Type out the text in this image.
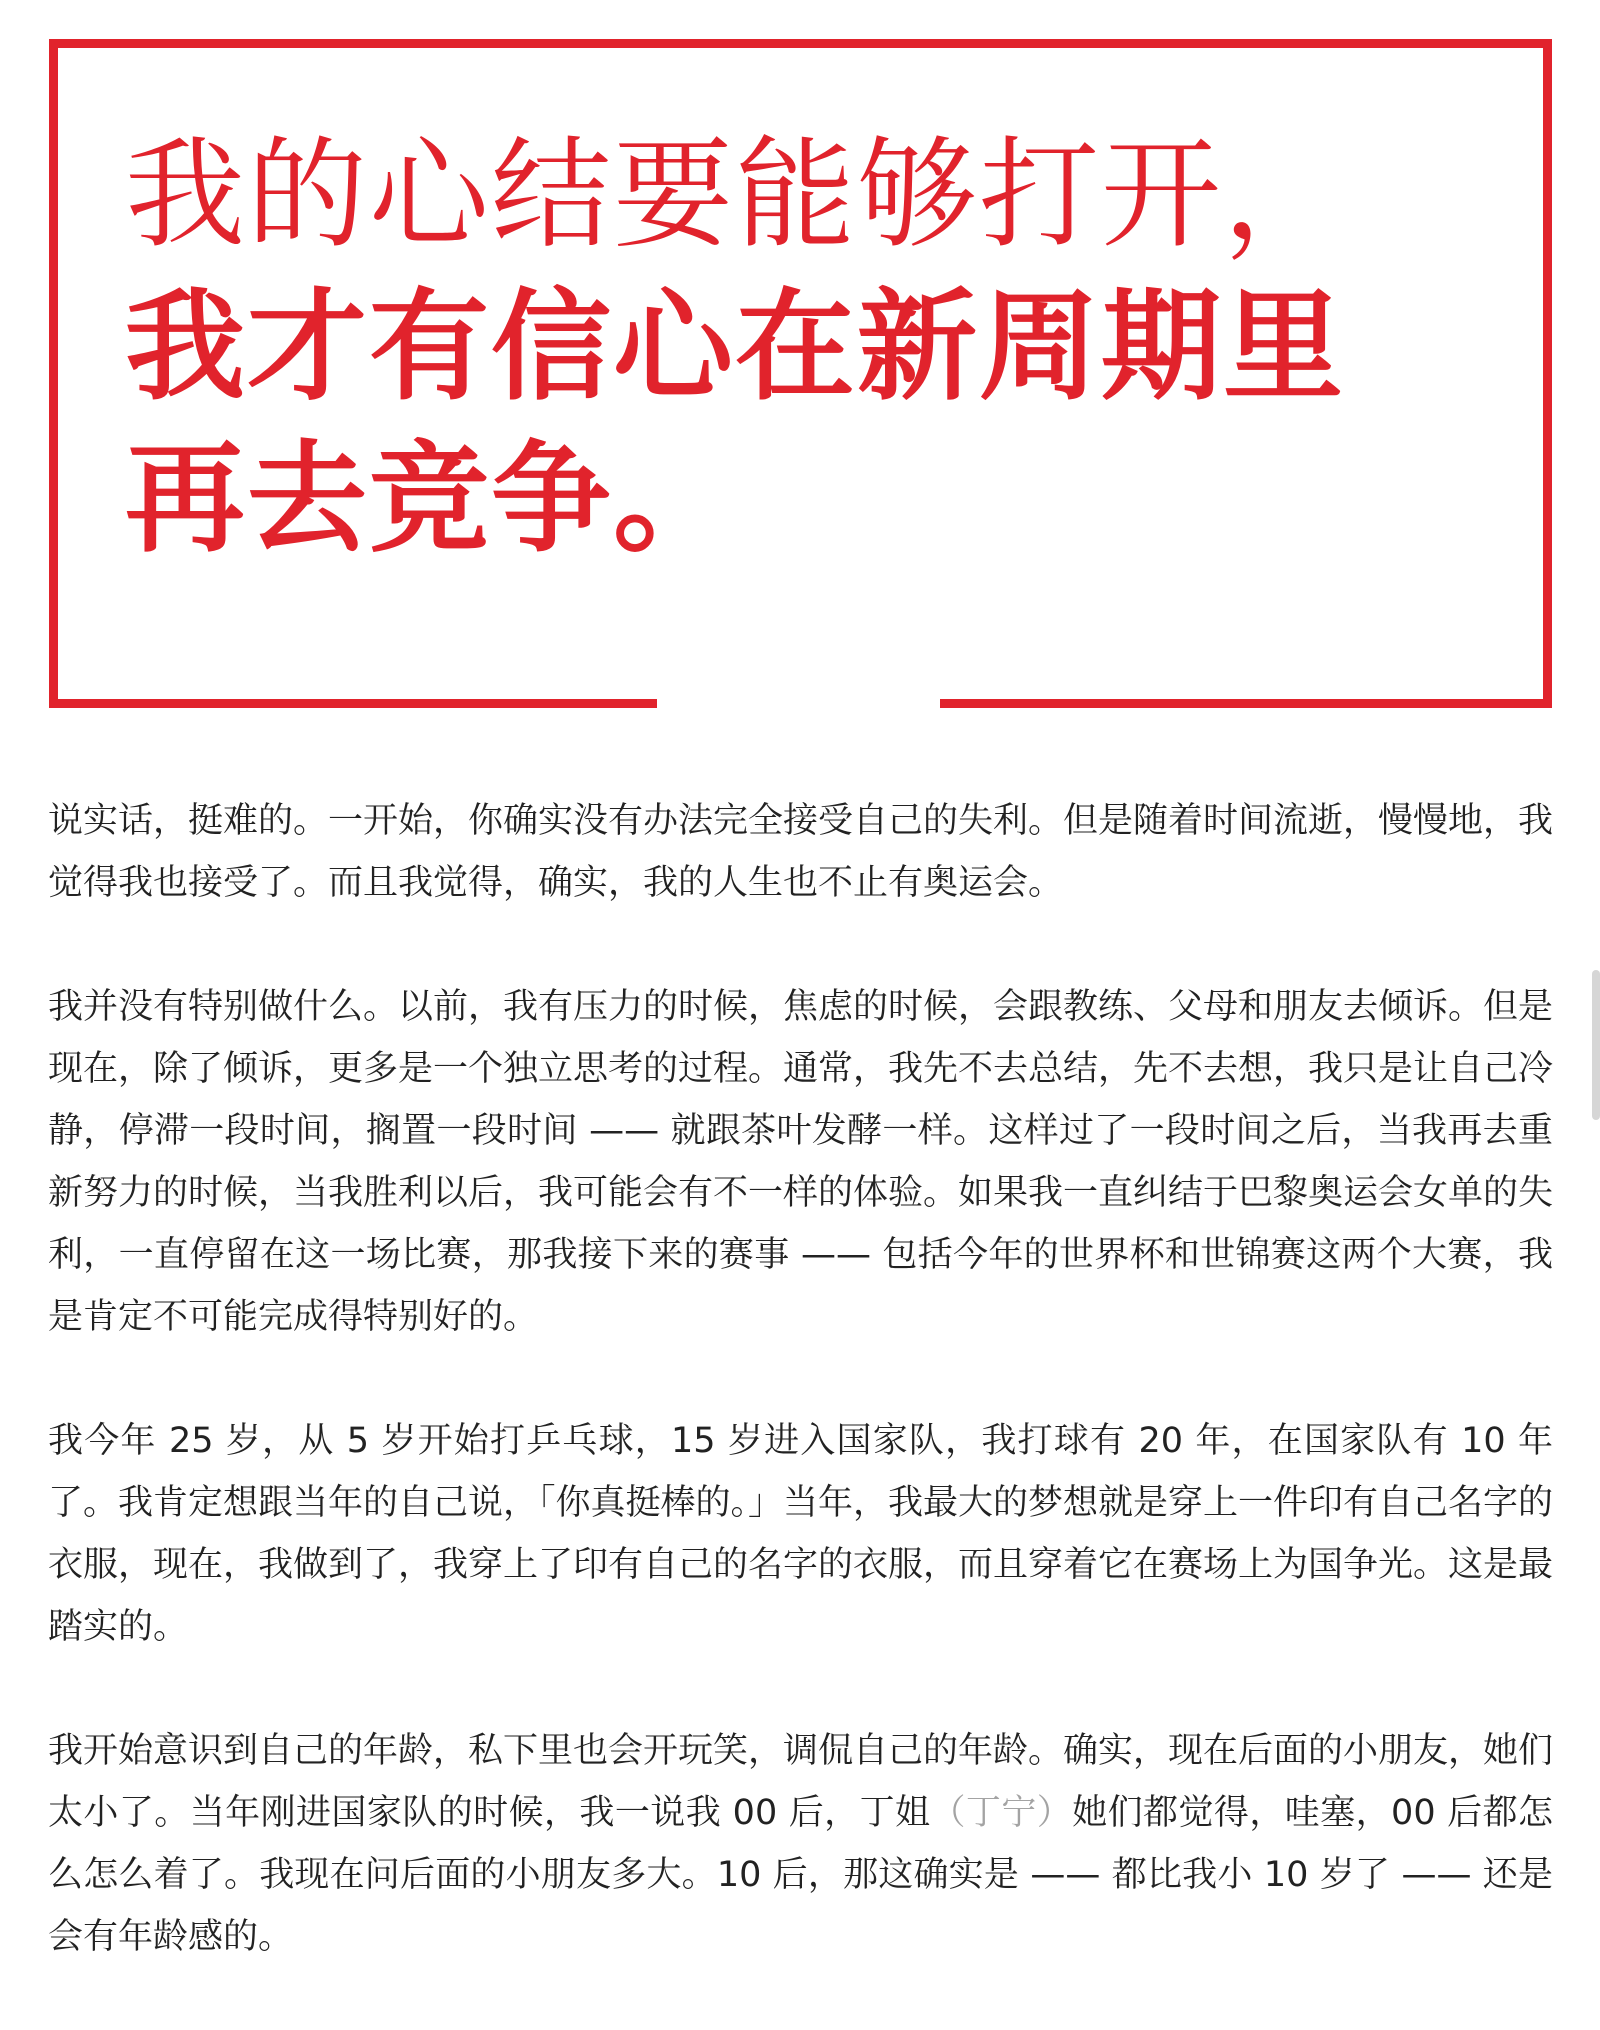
我的心结要能够打开，
我才有信心在新周期里
再去竞争。

说实话，挺难的。一开始，你确实没有办法完全接受自己的失利。但是随着时间流逝，慢慢地，我觉得我也接受了。而且我觉得，确实，我的人生也不止有奥运会。

我并没有特别做什么。以前，我有压力的时候，焦虑的时候，会跟教练、父母和朋友去倾诉。但是现在，除了倾诉，更多是一个独立思考的过程。通常，我先不去总结，先不去想，我只是让自己冷静，停滞一段时间，搁置一段时间 —— 就跟茶叶发酵一样。这样过了一段时间之后，当我再去重新努力的时候，当我胜利以后，我可能会有不一样的体验。如果我一直纠结于巴黎奥运会女单的失利，一直停留在这一场比赛，那我接下来的赛事 —— 包括今年的世界杯和世锦赛这两个大赛，我是肯定不可能完成得特别好的。

我今年 25 岁，从 5 岁开始打乒乓球，15 岁进入国家队，我打球有 20 年，在国家队有 10 年了。我肯定想跟当年的自己说，「你真挺棒的。」当年，我最大的梦想就是穿上一件印有自己名字的衣服，现在，我做到了，我穿上了印有自己的名字的衣服，而且穿着它在赛场上为国争光。这是最踏实的。

我开始意识到自己的年龄，私下里也会开玩笑，调侃自己的年龄。确实，现在后面的小朋友，她们太小了。当年刚进国家队的时候，我一说我 00 后，丁姐（丁宁）她们都觉得，哇塞，00 后都怎么怎么着了。我现在问后面的小朋友多大。10 后，那这确实是 —— 都比我小 10 岁了 —— 还是会有年龄感的。
